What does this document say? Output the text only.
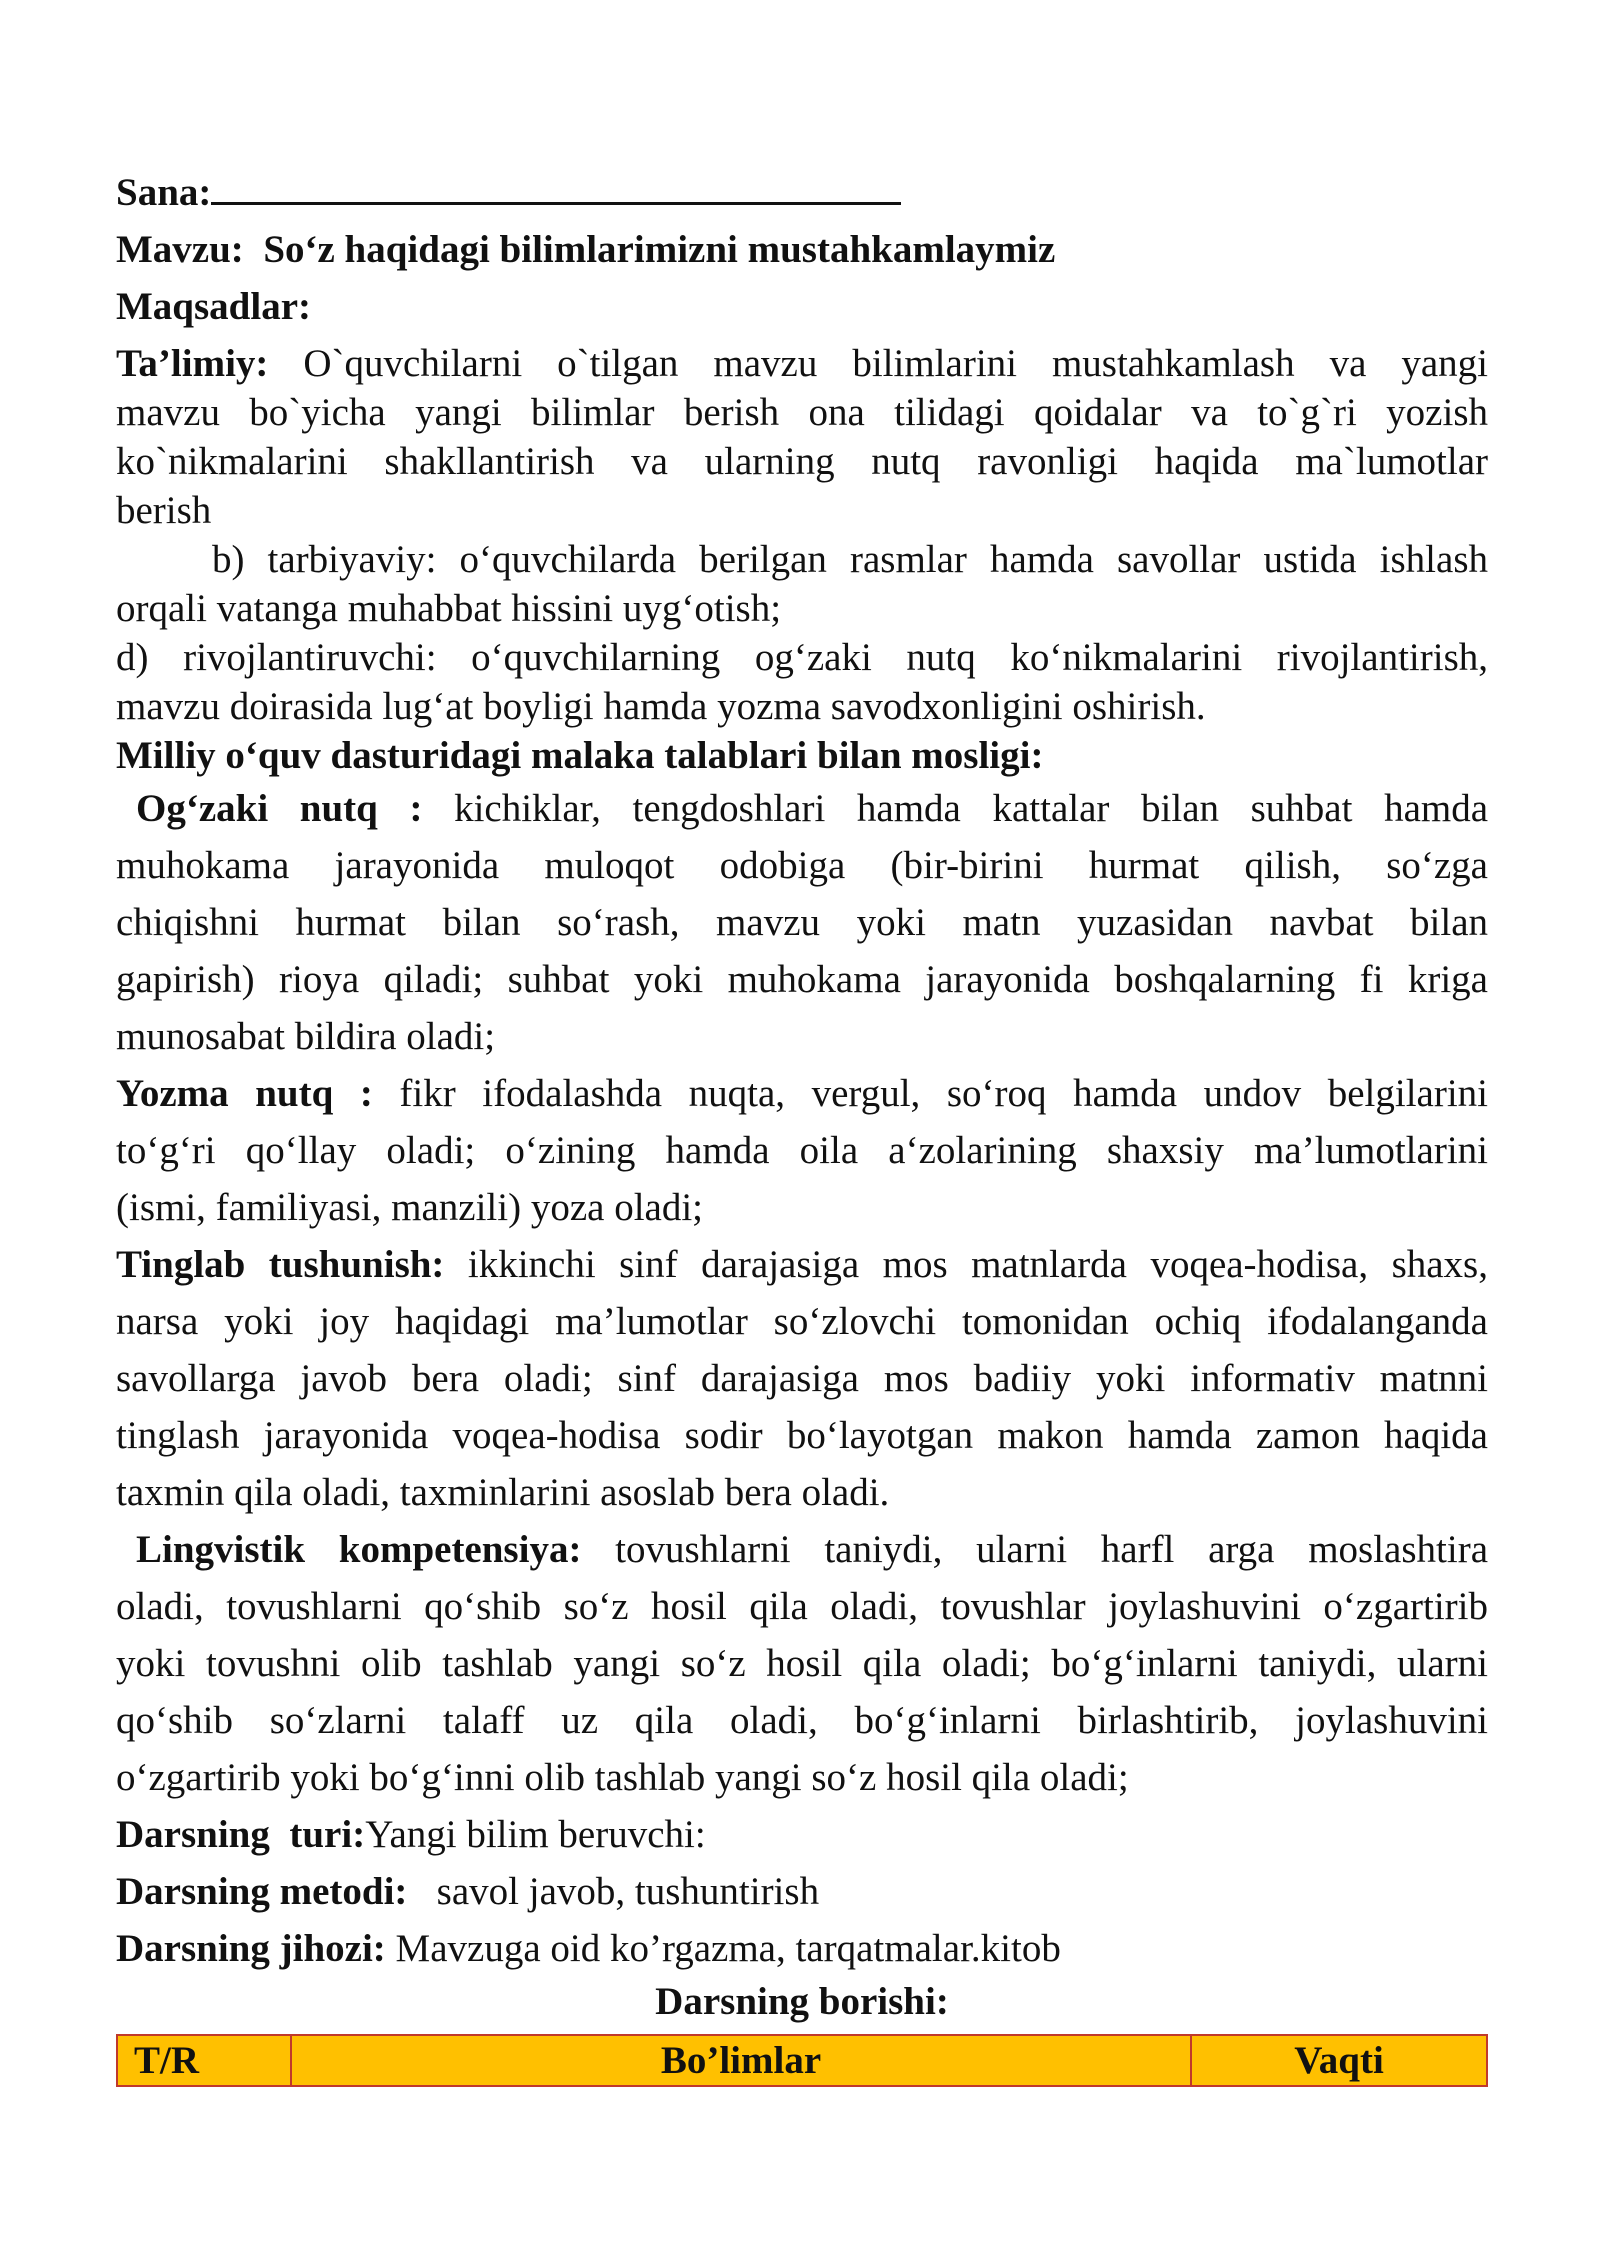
Sana:
Mavzu: So‘z haqidagi bilimlarimizni mustahkamlaymiz
Maqsadlar:
Ta’limiy: O`quvchilarni o`tilgan mavzu bilimlarini mustahkamlash va yangi
mavzu bo`yicha yangi bilimlar berish ona tilidagi qoidalar va to`g`ri yozish
ko`nikmalarini shakllantirish va ularning nutq ravonligi haqida ma`lumotlar
berish
b) tarbiyaviy: o‘quvchilarda berilgan rasmlar hamda savollar ustida ishlash
orqali vatanga muhabbat hissini uyg‘otish;
d) rivojlantiruvchi: o‘quvchilarning og‘zaki nutq ko‘nikmalarini rivojlantirish,
mavzu doirasida lug‘at boyligi hamda yozma savodxonligini oshirish.
Milliy o‘quv dasturidagi malaka talablari bilan mosligi:
Og‘zaki nutq : kichiklar, tengdoshlari hamda kattalar bilan suhbat hamda
muhokama jarayonida muloqot odobiga (bir-birini hurmat qilish, so‘zga
chiqishni hurmat bilan so‘rash, mavzu yoki matn yuzasidan navbat bilan
gapirish) rioya qiladi; suhbat yoki muhokama jarayonida boshqalarning fi kriga
munosabat bildira oladi;
Yozma nutq : fikr ifodalashda nuqta, vergul, so‘roq hamda undov belgilarini
to‘g‘ri qo‘llay oladi; o‘zining hamda oila a‘zolarining shaxsiy ma’lumotlarini
(ismi, familiyasi, manzili) yoza oladi;
Tinglab tushunish: ikkinchi sinf darajasiga mos matnlarda voqea-hodisa, shaxs,
narsa yoki joy haqidagi ma’lumotlar so‘zlovchi tomonidan ochiq ifodalanganda
savollarga javob bera oladi; sinf darajasiga mos badiiy yoki informativ matnni
tinglash jarayonida voqea-hodisa sodir bo‘layotgan makon hamda zamon haqida
taxmin qila oladi, taxminlarini asoslab bera oladi.
Lingvistik kompetensiya: tovushlarni taniydi, ularni harfl arga moslashtira
oladi, tovushlarni qo‘shib so‘z hosil qila oladi, tovushlar joylashuvini o‘zgartirib
yoki tovushni olib tashlab yangi so‘z hosil qila oladi; bo‘g‘inlarni taniydi, ularni
qo‘shib so‘zlarni talaff uz qila oladi, bo‘g‘inlarni birlashtirib, joylashuvini
o‘zgartirib yoki bo‘g‘inni olib tashlab yangi so‘z hosil qila oladi;
Darsning  turi:Yangi bilim beruvchi:
Darsning metodi: savol javob, tushuntirish
Darsning jihozi: Mavzuga oid ko’rgazma, tarqatmalar.kitob
Darsning borishi:
T/R	Bo’limlar	Vaqti
